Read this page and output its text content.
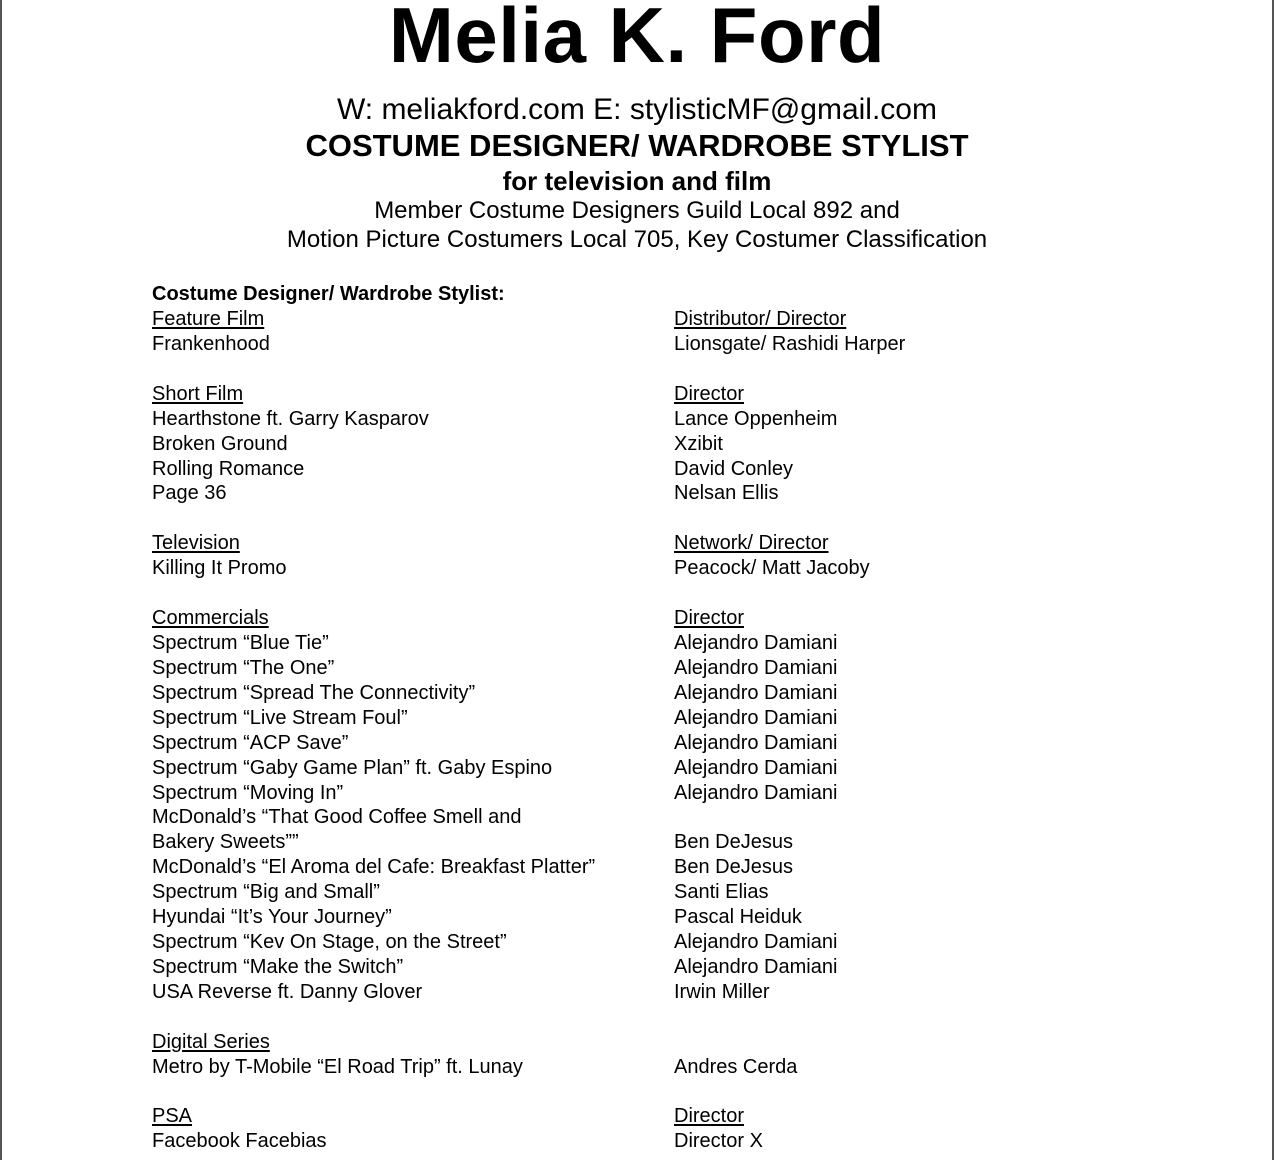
Melia K. Ford
W: meliakford.com E: stylisticMF@gmail.com
COSTUME DESIGNER/ WARDROBE STYLIST
for television and film
Member Costume Designers Guild Local 892 and
Motion Picture Costumers Local 705, Key Costumer Classification
Costume Designer/ Wardrobe Stylist:
Feature Film	Distributor/ Director
Frankenhood	Lionsgate/ Rashidi Harper
Short Film	Director
Hearthstone ft. Garry Kasparov	Lance Oppenheim
Broken Ground	Xzibit
Rolling Romance	David Conley
Page 36	Nelsan Ellis
Television	Network/ Director
Killing It Promo	Peacock/ Matt Jacoby
Commercials	Director
Spectrum “Blue Tie”	Alejandro Damiani
Spectrum “The One”	Alejandro Damiani
Spectrum “Spread The Connectivity”	Alejandro Damiani
Spectrum “Live Stream Foul”	Alejandro Damiani
Spectrum “ACP Save”	Alejandro Damiani
Spectrum “Gaby Game Plan” ft. Gaby Espino	Alejandro Damiani
Spectrum “Moving In”	Alejandro Damiani
McDonald’s “That Good Coffee Smell and
Bakery Sweets””
	Ben DeJesus
McDonald’s “El Aroma del Cafe: Breakfast Platter”	Ben DeJesus
Spectrum “Big and Small”	Santi Elias
Hyundai “It’s Your Journey”	Pascal Heiduk
Spectrum “Kev On Stage, on the Street”	Alejandro Damiani
Spectrum “Make the Switch”	Alejandro Damiani
USA Reverse ft. Danny Glover	Irwin Miller
Digital Series
Metro by T-Mobile “El Road Trip” ft. Lunay	Andres Cerda
PSA	Director
Facebook Facebias	Director X
